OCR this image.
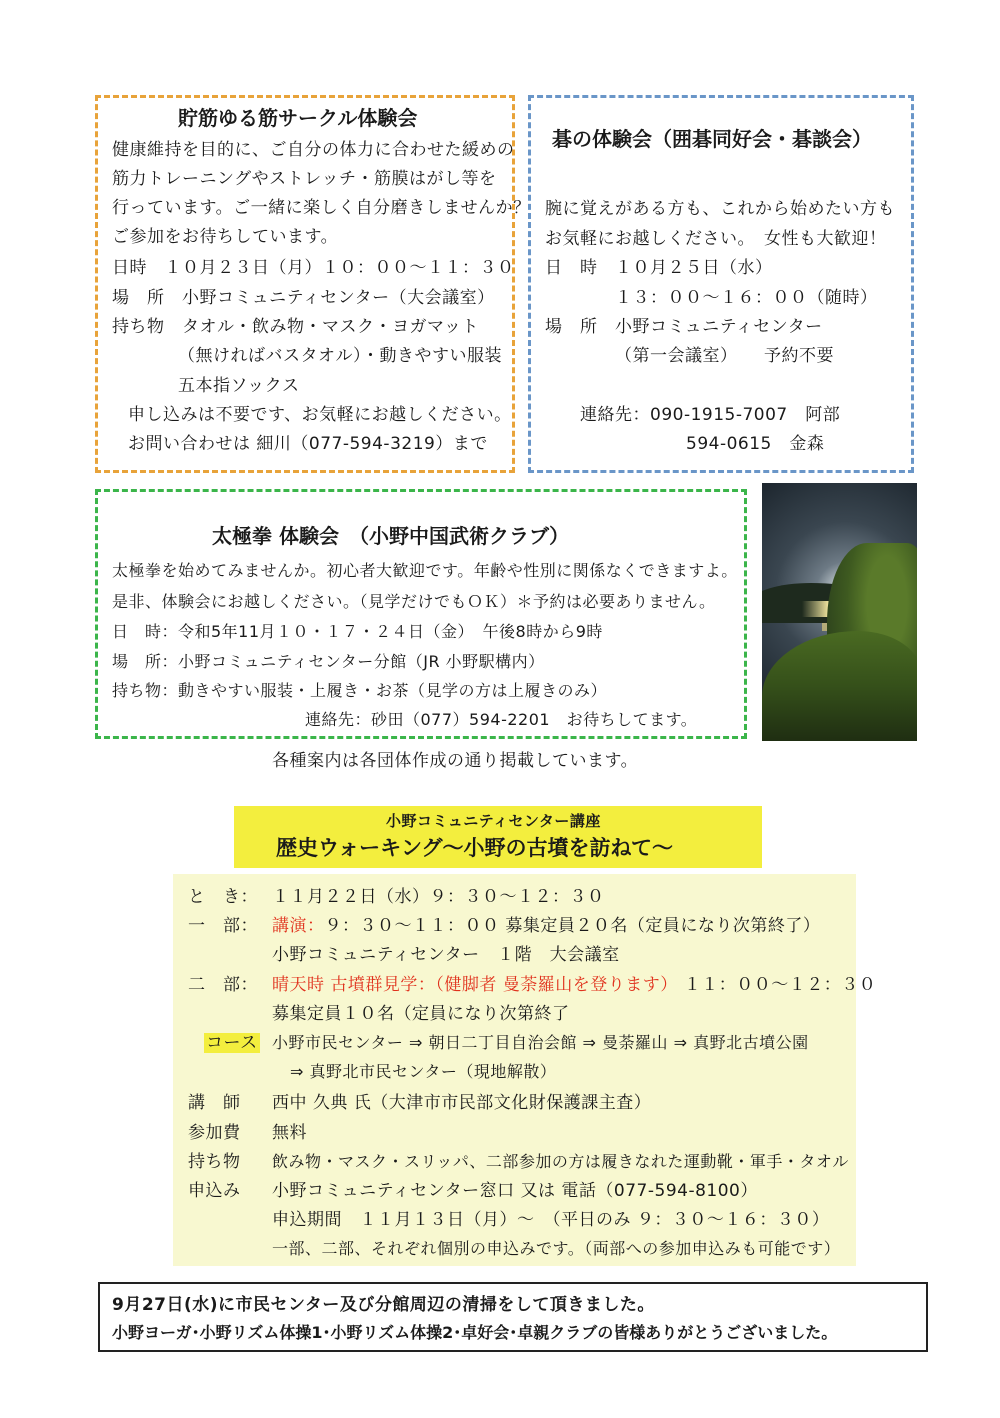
貯筋ゆる筋サークル体験会
健康維持を目的に、ご自分の体力に合わせた緩めの
筋力トレーニングやストレッチ・筋膜はがし等を
行っています。ご一緒に楽しく自分磨きしませんか？
ご参加をお待ちしています。
日時　１０月２３日（月）１０：００～１１：３０
場　所　小野コミュニティセンター（大会議室）
持ち物　タオル・飲み物・マスク・ヨガマット
（無ければバスタオル）・動きやすい服装
五本指ソックス
申し込みは不要です、お気軽にお越しください。
お問い合わせは 細川（077-594-3219）まで
碁の体験会（囲碁同好会・碁談会）
腕に覚えがある方も、これから始めたい方も
お気軽にお越しください。　女性も大歓迎！
日　時　１０月２５日（水）
１３：００～１６：００（随時）
場　所　小野コミュニティセンター
（第一会議室）　　予約不要
連絡先：090-1915-7007　阿部
594-0615　金森
太極拳 体験会　（小野中国武術クラブ）
太極拳を始めてみませんか。初心者大歓迎です。年齢や性別に関係なくできますよ。
是非、体験会にお越しください。（見学だけでもＯＫ）＊予約は必要ありません。
日　時：令和5年11月１０・１７・２４日（金）　午後8時から9時
場　所：小野コミュニティセンター分館（JR 小野駅構内）
持ち物：動きやすい服装・上履き・お茶（見学の方は上履きのみ）
連絡先：砂田（077）594-2201　お待ちしてます。
各種案内は各団体作成の通り掲載しています。
小野コミュニティセンター講座
歴史ウォーキング～小野の古墳を訪ねて～
と　き： １１月２２日（水）９：３０～１２：３０
一　部： 講演：９：３０～１１：００ 募集定員２０名（定員になり次第終了）
小野コミュニティセンター　１階　大会議室
二　部： 晴天時 古墳群見学：（健脚者 曼荼羅山を登ります） １１：００～１２：３０
募集定員１０名（定員になり次第終了
コース 小野市民センター ⇒ 朝日二丁目自治会館 ⇒ 曼荼羅山 ⇒ 真野北古墳公園
⇒ 真野北市民センター（現地解散）
講　師 西中 久典 氏（大津市市民部文化財保護課主査）
参加費 無料
持ち物 飲み物・マスク・スリッパ、二部参加の方は履きなれた運動靴・軍手・タオル
申込み 小野コミュニティセンター窓口 又は 電話（077-594-8100）
申込期間　１１月１３日（月）～　（平日のみ ９：３０～１６：３０）
一部、二部、それぞれ個別の申込みです。（両部への参加申込みも可能です）
9月27日(水)に市民センター及び分館周辺の清掃をして頂きました。
小野ヨーガ･小野リズム体操1･小野リズム体操2･卓好会･卓親クラブの皆様ありがとうございました。
